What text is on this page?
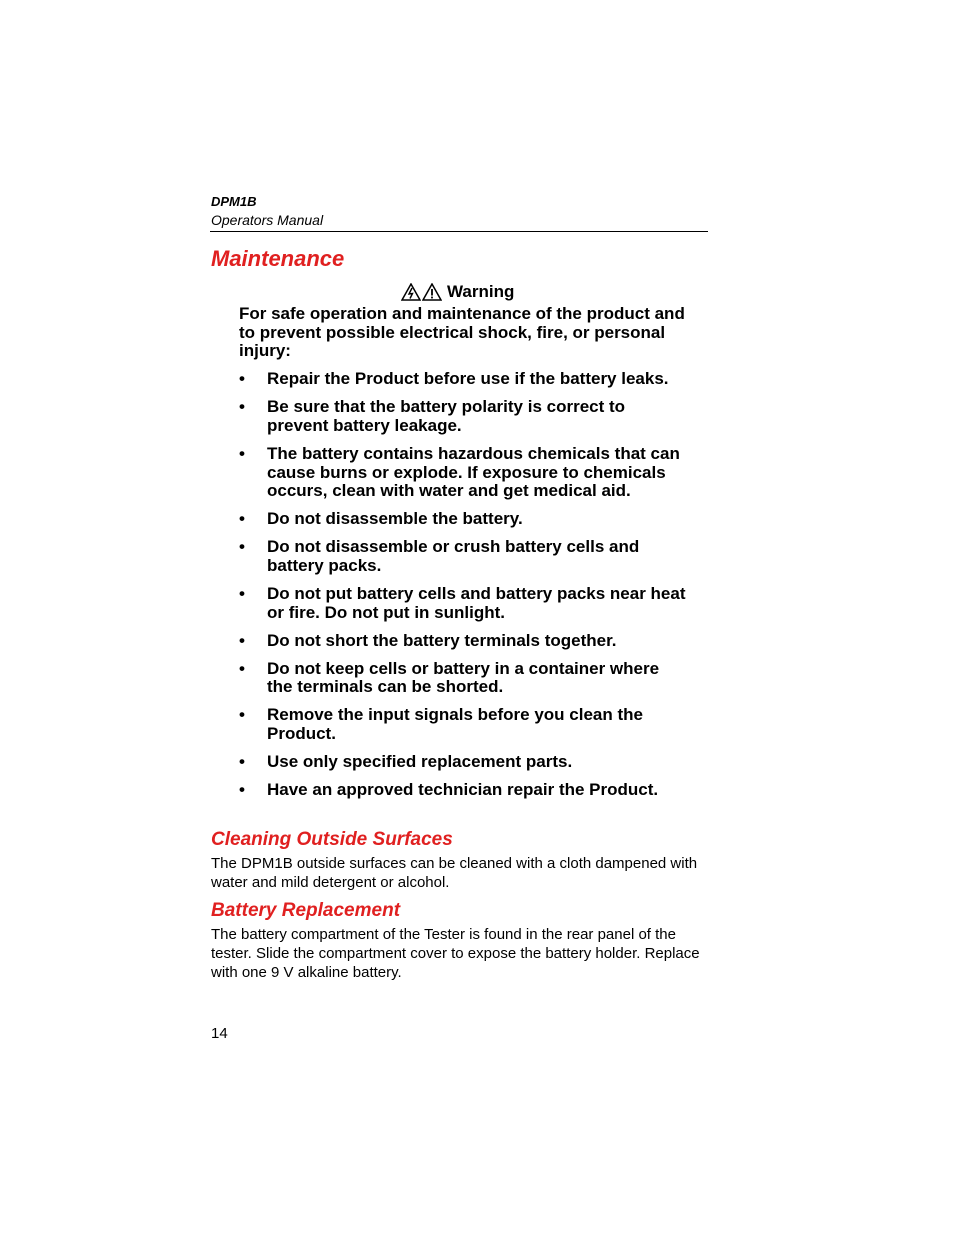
DPM1B
Operators Manual
Maintenance
Warning

For safe operation and maintenance of the product and to prevent possible electrical shock, fire, or personal injury:

• Repair the Product before use if the battery leaks.
• Be sure that the battery polarity is correct to prevent battery leakage.
• The battery contains hazardous chemicals that can cause burns or explode. If exposure to chemicals occurs, clean with water and get medical aid.
• Do not disassemble the battery.
• Do not disassemble or crush battery cells and battery packs.
• Do not put battery cells and battery packs near heat or fire. Do not put in sunlight.
• Do not short the battery terminals together.
• Do not keep cells or battery in a container where the terminals can be shorted.
• Remove the input signals before you clean the Product.
• Use only specified replacement parts.
• Have an approved technician repair the Product.
Cleaning Outside Surfaces

The DPM1B outside surfaces can be cleaned with a cloth dampened with water and mild detergent or alcohol.

Battery Replacement

The battery compartment of the Tester is found in the rear panel of the tester. Slide the compartment cover to expose the battery holder. Replace with one 9 V alkaline battery.

14
